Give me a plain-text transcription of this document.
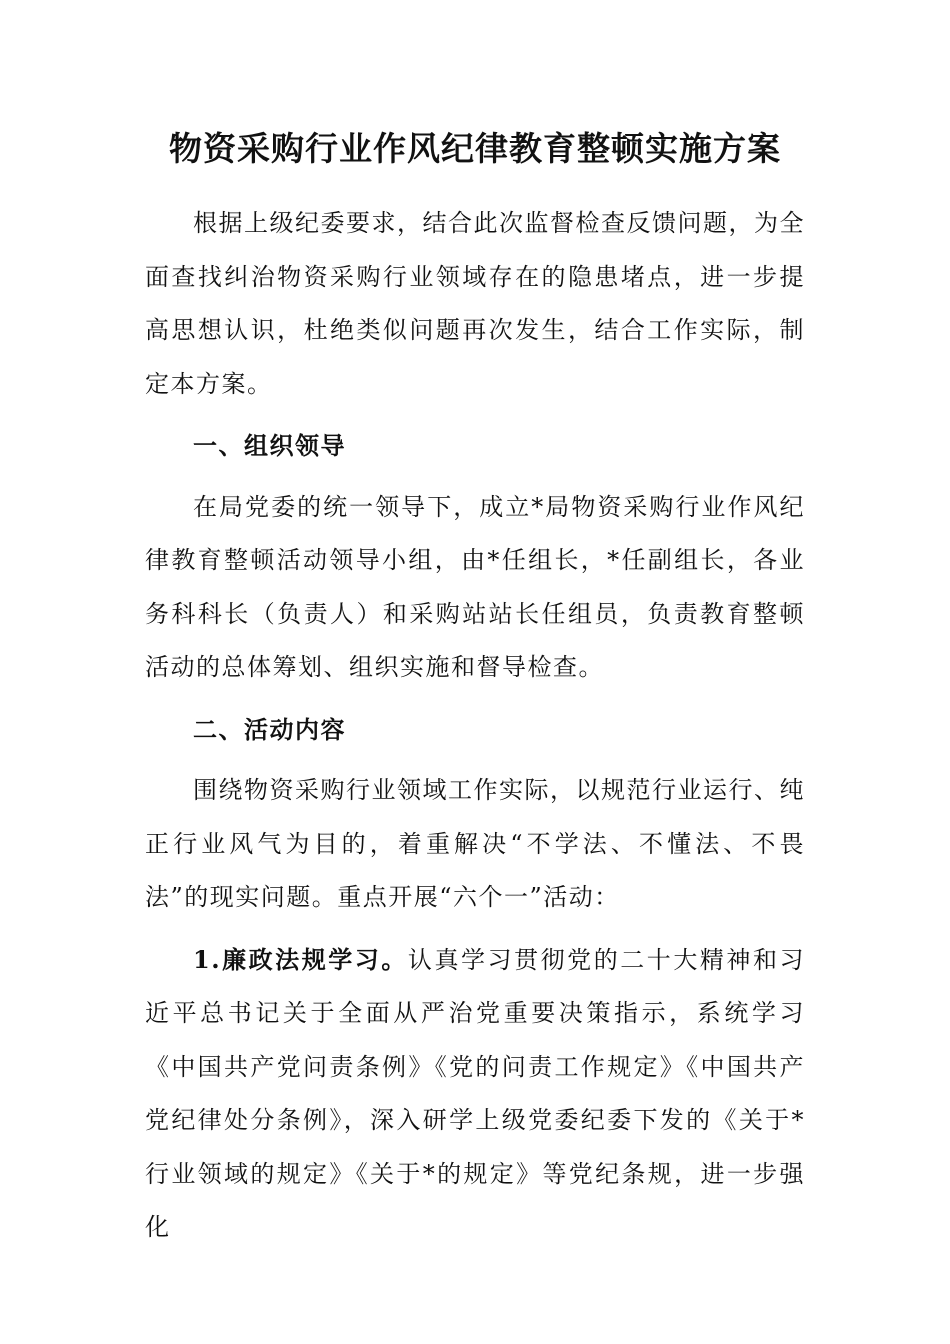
物资采购行业作风纪律教育整顿实施方案

根据上级纪委要求，结合此次监督检查反馈问题，为全面查找纠治物资采购行业领域存在的隐患堵点，进一步提高思想认识，杜绝类似问题再次发生，结合工作实际，制定本方案。

一、组织领导

在局党委的统一领导下，成立*局物资采购行业作风纪律教育整顿活动领导小组，由*任组长，*任副组长，各业务科科长（负责人）和采购站站长任组员，负责教育整顿活动的总体筹划、组织实施和督导检查。

二、活动内容

围绕物资采购行业领域工作实际，以规范行业运行、纯正行业风气为目的，着重解决“不学法、不懂法、不畏法”的现实问题。重点开展“六个一”活动：

1.廉政法规学习。认真学习贯彻党的二十大精神和习近平总书记关于全面从严治党重要决策指示，系统学习《中国共产党问责条例》《党的问责工作规定》《中国共产党纪律处分条例》，深入研学上级党委纪委下发的《关于*行业领域的规定》《关于*的规定》等党纪条规，进一步强化
